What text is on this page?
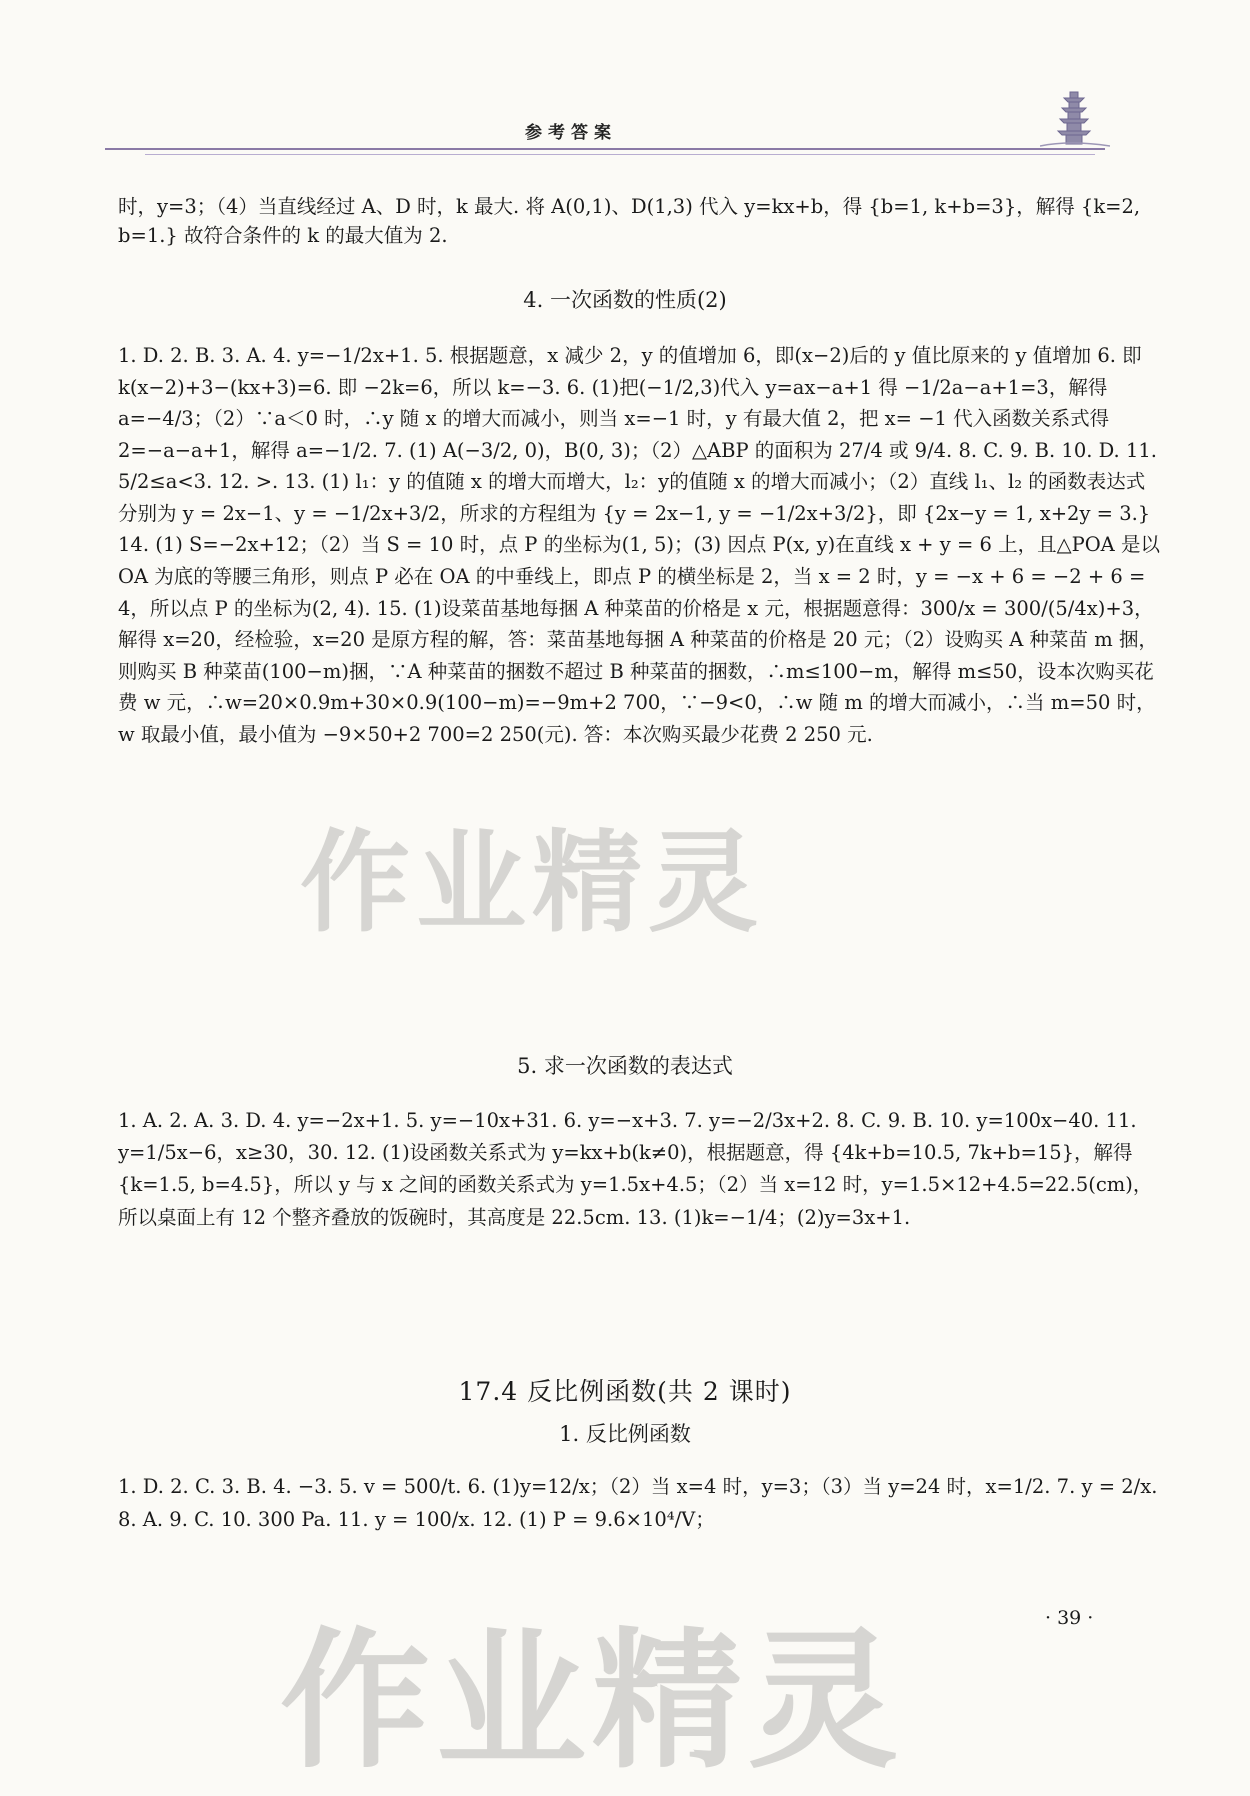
参考答案
时，y=3；（4）当直线经过 A、D 时，k 最大. 将 A(0,1)、D(1,3) 代入 y=kx+b，得 {b=1, k+b=3}，解得 {k=2, b=1.} 故符合条件的 k 的最大值为 2.
4. 一次函数的性质(2)
1. D. 2. B. 3. A. 4. y=−1/2x+1. 5. 根据题意，x 减少 2，y 的值增加 6，即(x−2)后的 y 值比原来的 y 值增加 6. 即 k(x−2)+3−(kx+3)=6. 即 −2k=6，所以 k=−3. 6. (1)把(−1/2,3)代入 y=ax−a+1 得 −1/2a−a+1=3，解得 a=−4/3；（2）∵a＜0 时，∴y 随 x 的增大而减小，则当 x=−1 时，y 有最大值 2，把 x= −1 代入函数关系式得 2=−a−a+1，解得 a=−1/2. 7. (1) A(−3/2, 0)，B(0, 3)；（2）△ABP 的面积为 27/4 或 9/4. 8. C. 9. B. 10. D. 11. 5/2≤a<3. 12. >. 13. (1) l₁：y 的值随 x 的增大而增大，l₂：y的值随 x 的增大而减小；（2）直线 l₁、l₂ 的函数表达式分别为 y = 2x−1、y = −1/2x+3/2，所求的方程组为 {y = 2x−1, y = −1/2x+3/2}，即 {2x−y = 1, x+2y = 3.} 14. (1) S=−2x+12；（2）当 S = 10 时，点 P 的坐标为(1, 5)；(3) 因点 P(x, y)在直线 x + y = 6 上，且△POA 是以 OA 为底的等腰三角形，则点 P 必在 OA 的中垂线上，即点 P 的横坐标是 2，当 x = 2 时，y = −x + 6 = −2 + 6 = 4，所以点 P 的坐标为(2, 4). 15. (1)设菜苗基地每捆 A 种菜苗的价格是 x 元，根据题意得：300/x = 300/(5/4x)+3，解得 x=20，经检验，x=20 是原方程的解，答：菜苗基地每捆 A 种菜苗的价格是 20 元；（2）设购买 A 种菜苗 m 捆，则购买 B 种菜苗(100−m)捆，∵A 种菜苗的捆数不超过 B 种菜苗的捆数，∴m≤100−m，解得 m≤50，设本次购买花费 w 元，∴w=20×0.9m+30×0.9(100−m)=−9m+2 700，∵−9<0，∴w 随 m 的增大而减小，∴当 m=50 时，w 取最小值，最小值为 −9×50+2 700=2 250(元). 答：本次购买最少花费 2 250 元.
5. 求一次函数的表达式
1. A. 2. A. 3. D. 4. y=−2x+1. 5. y=−10x+31. 6. y=−x+3. 7. y=−2/3x+2. 8. C. 9. B. 10. y=100x−40. 11. y=1/5x−6，x≥30，30. 12. (1)设函数关系式为 y=kx+b(k≠0)，根据题意，得 {4k+b=10.5, 7k+b=15}，解得 {k=1.5, b=4.5}，所以 y 与 x 之间的函数关系式为 y=1.5x+4.5；（2）当 x=12 时，y=1.5×12+4.5=22.5(cm)，所以桌面上有 12 个整齐叠放的饭碗时，其高度是 22.5cm. 13. (1)k=−1/4；(2)y=3x+1.
17.4 反比例函数(共 2 课时)
1. 反比例函数
1. D. 2. C. 3. B. 4. −3. 5. v = 500/t. 6. (1)y=12/x；（2）当 x=4 时，y=3；（3）当 y=24 时，x=1/2. 7. y = 2/x. 8. A. 9. C. 10. 300 Pa. 11. y = 100/x. 12. (1) P = 9.6×10⁴/V；
作业精灵
作业精灵	· 39 ·
